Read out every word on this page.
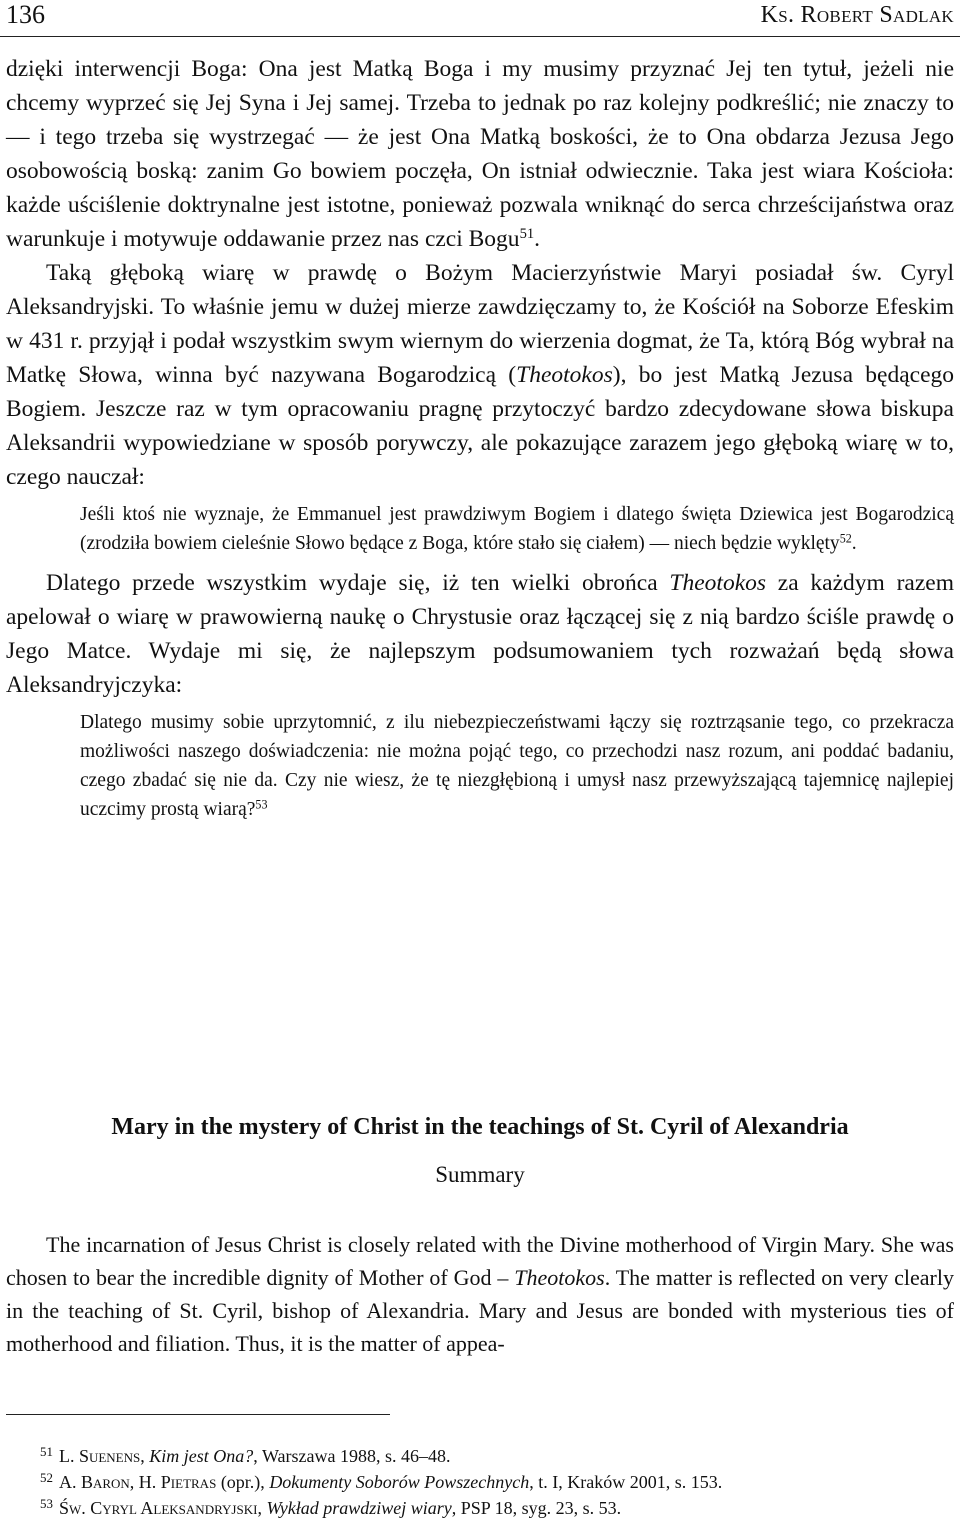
136	Ks. Robert Sadlak

dzięki interwencji Boga: Ona jest Matką Boga i my musimy przyznać Jej ten tytuł, jeżeli nie chcemy wyprzeć się Jej Syna i Jej samej. Trzeba to jednak po raz kolejny podkreślić; nie znaczy to — i tego trzeba się wystrzegać — że jest Ona Matką boskości, że to Ona obdarza Jezusa Jego osobowością boską: zanim Go bowiem poczęła, On istniał odwiecznie. Taka jest wiara Kościoła: każde uściślenie doktrynalne jest istotne, ponieważ pozwala wniknąć do serca chrześcijaństwa oraz warunkuje i motywuje oddawanie przez nas czci Bogu$^{51}$.

Taką głęboką wiarę w prawdę o Bożym Macierzyństwie Maryi posiadał św. Cyryl Aleksandryjski. To właśnie jemu w dużej mierze zawdzięczamy to, że Kościół na Soborze Efeskim w 431 r. przyjął i podał wszystkim swym wiernym do wierzenia dogmat, że Ta, którą Bóg wybrał na Matkę Słowa, winna być nazywana Bogarodzicą (Theotokos), bo jest Matką Jezusa będącego Bogiem. Jeszcze raz w tym opracowaniu pragnę przytoczyć bardzo zdecydowane słowa biskupa Aleksandrii wypowiedziane w sposób porywczy, ale pokazujące zarazem jego głęboką wiarę w to, czego nauczał:

Jeśli ktoś nie wyznaje, że Emmanuel jest prawdziwym Bogiem i dlatego święta Dziewica jest Bogarodzicą (zrodziła bowiem cieleśnie Słowo będące z Boga, które stało się ciałem) — niech będzie wyklęty$^{52}$.

Dlatego przede wszystkim wydaje się, iż ten wielki obrońca Theotokos za każdym razem apelował o wiarę w prawowierną naukę o Chrystusie oraz łączącej się z nią bardzo ściśle prawdę o Jego Matce. Wydaje mi się, że najlepszym podsumowaniem tych rozważań będą słowa Aleksandryjczyka:

Dlatego musimy sobie uprzytomnić, z ilu niebezpieczeństwami łączy się roztrząsanie tego, co przekracza możliwości naszego doświadczenia: nie można pojąć tego, co przechodzi nasz rozum, ani poddać badaniu, czego zbadać się nie da. Czy nie wiesz, że tę niezgłębioną i umysł nasz przewyższającą tajemnicę najlepiej uczcimy prostą wiarą?$^{53}$

Mary in the mystery of Christ in the teachings of St. Cyril of Alexandria
Summary

The incarnation of Jesus Christ is closely related with the Divine motherhood of Virgin Mary. She was chosen to bear the incredible dignity of Mother of God – Theotokos. The matter is reflected on very clearly in the teaching of St. Cyril, bishop of Alexandria. Mary and Jesus are bonded with mysterious ties of motherhood and filiation. Thus, it is the matter of appea-

$^{51}$ L. Suenens, Kim jest Ona?, Warszawa 1988, s. 46–48.

$^{52}$ A. Baron, H. Pietras (opr.), Dokumenty Soborów Powszechnych, t. I, Kraków 2001, s. 153.

$^{53}$ Św. Cyryl Aleksandryjski, Wykład prawdziwej wiary, PSP 18, syg. 23, s. 53.
